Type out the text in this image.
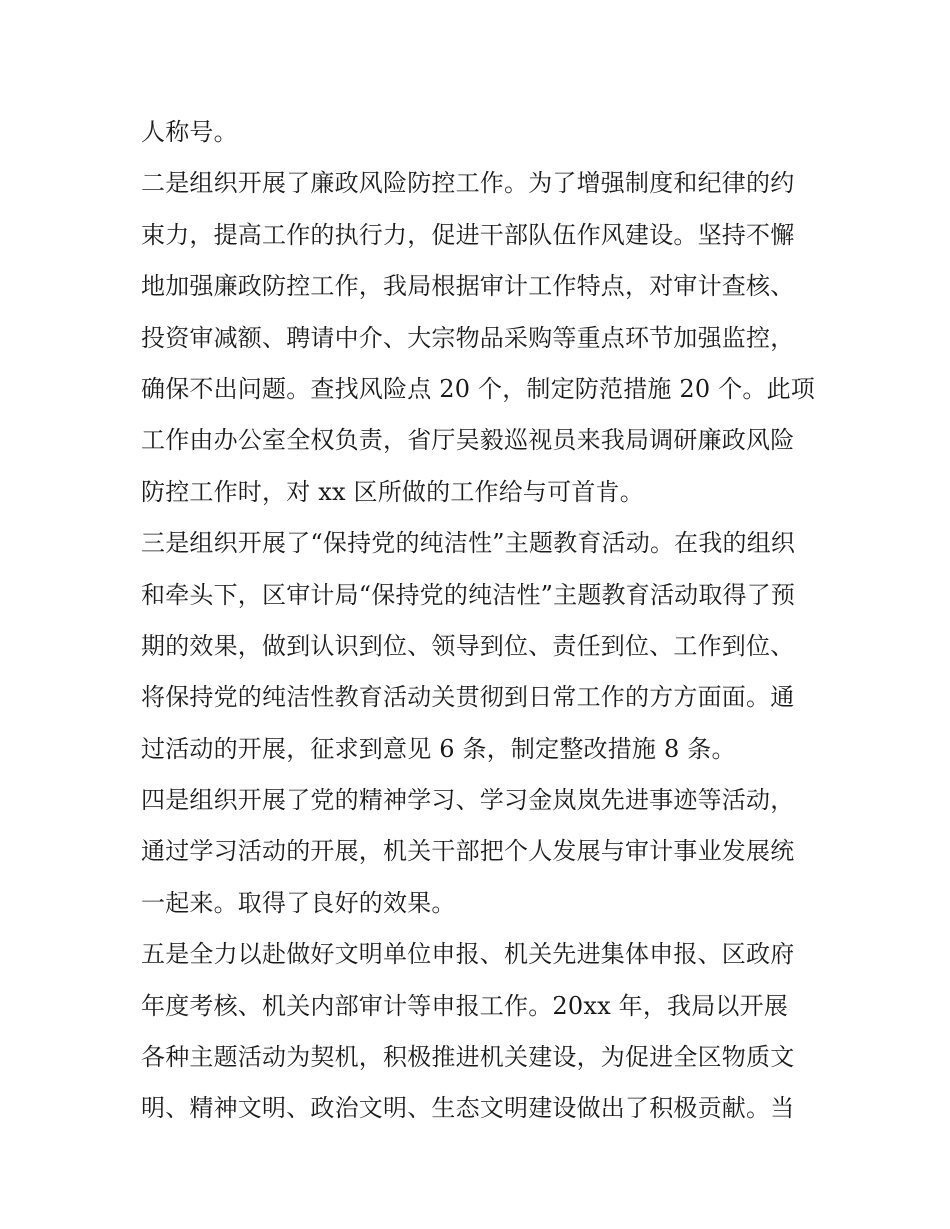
人称号。
二是组织开展了廉政风险防控工作。为了增强制度和纪律的约
束力，提高工作的执行力，促进干部队伍作风建设。坚持不懈
地加强廉政防控工作，我局根据审计工作特点，对审计查核、
投资审减额、聘请中介、大宗物品采购等重点环节加强监控，
确保不出问题。查找风险点 20 个，制定防范措施 20 个。此项
工作由办公室全权负责，省厅吴毅巡视员来我局调研廉政风险
防控工作时，对 xx 区所做的工作给与可首肯。
三是组织开展了“保持党的纯洁性”主题教育活动。在我的组织
和牵头下，区审计局“保持党的纯洁性”主题教育活动取得了预
期的效果，做到认识到位、领导到位、责任到位、工作到位、
将保持党的纯洁性教育活动关贯彻到日常工作的方方面面。通
过活动的开展，征求到意见 6 条，制定整改措施 8 条。
四是组织开展了党的精神学习、学习金岚岚先进事迹等活动，
通过学习活动的开展，机关干部把个人发展与审计事业发展统
一起来。取得了良好的效果。
五是全力以赴做好文明单位申报、机关先进集体申报、区政府
年度考核、机关内部审计等申报工作。20xx 年，我局以开展
各种主题活动为契机，积极推进机关建设，为促进全区物质文
明、精神文明、政治文明、生态文明建设做出了积极贡献。当
